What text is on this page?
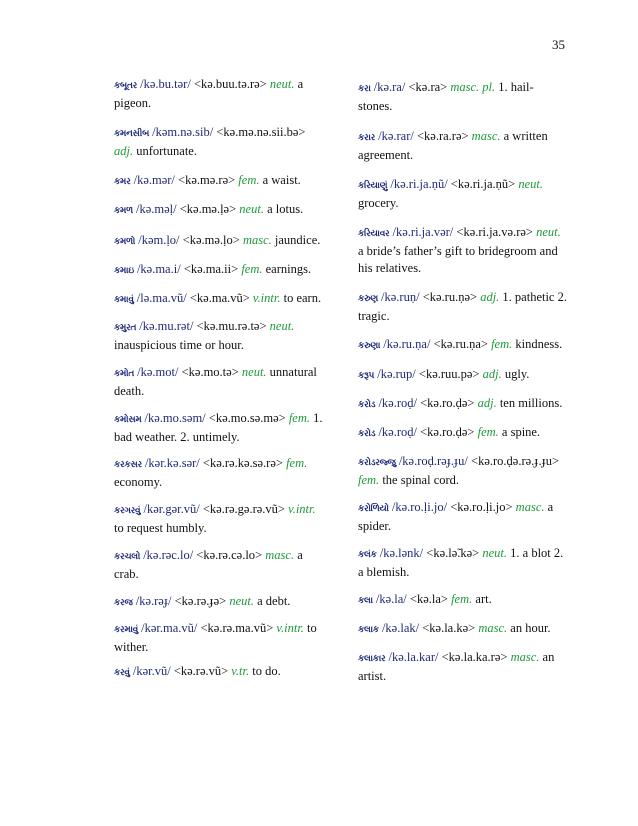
35
કબૂતર /kə.bu.tər/ <kə.buu.tə.rə> neut. a pigeon.
કમનસીબ /kəm.nə.sib/ <kə.mə.nə.sii.bə> adj. unfortunate.
કમર /kə.mər/ <kə.mə.rə> fem. a waist.
કમળ /kə.məḷ/ <kə.mə.ḷə> neut. a lotus.
કમળો /kəm.ḷo/ <kə.mə.ḷo> masc. jaundice.
કમાઇ /kə.ma.i/ <kə.ma.ii> fem. earnings.
કમાવું /lə.ma.vũ/ <kə.ma.vũ> v.intr. to earn.
કમુરત /kə.mu.rət/ <kə.mu.rə.tə> neut. inauspicious time or hour.
કમોત /kə.mot/ <kə.mo.tə> neut. unnatural death.
કમોસમ /kə.mo.səm/ <kə.mo.sə.mə> fem. 1. bad weather. 2. untimely.
કરકસર /kər.kə.sər/ <kə.rə.kə.sə.rə> fem. economy.
કરગરવું /kər.gər.vũ/ <kə.rə.gə.rə.vũ> v.intr. to request humbly.
કરચલો /kə.rəc.lo/ <kə.rə.cə.lo> masc. a crab.
કરજ /kə.rəɟ/ <kə.rə.ɟə> neut. a debt.
કરમાવું /kər.ma.vũ/ <kə.rə.ma.vũ> v.intr. to wither.
કરવું /kər.vũ/ <kə.rə.vũ> v.tr. to do.
કરા /kə.ra/ <kə.ra> masc. pl. 1. hail-stones.
કરાર /kə.rar/ <kə.ra.rə> masc. a written agreement.
કરિયાણું /kə.ri.ja.ṇũ/ <kə.ri.ja.ṇũ> neut. grocery.
કરિયાવર /kə.ri.ja.vər/ <kə.ri.ja.və.rə> neut. a bride’s father’s gift to bridegroom and his relatives.
કરુણ /kə.ruṇ/ <kə.ru.ṇə> adj. 1. pathetic 2. tragic.
કરુણા /kə.ru.ṇa/ <kə.ru.ṇa> fem. kindness.
કરૂપ /kə.rup/ <kə.ruu.pə> adj. ugly.
કરોડ /kə.roḍ/ <kə.ro.ḍə> adj. ten millions.
કરોડ /kə.roḍ/ <kə.ro.ḍə> fem. a spine.
કરોડરજ્જુ /kə.roḍ.rəɟ.ɟu/ <kə.ro.ḍə.rə.ɟ.ɟu> fem. the spinal cord.
કરોળિયો /kə.ro.ḷi.jo/ <kə.ro.ḷi.jo> masc. a spider.
કલંક /kə.lənk/ <kə.lə̃.kə> neut. 1. a blot 2. a blemish.
કલા /kə.la/ <kə.la> fem. art.
કલાક /kə.lak/ <kə.la.kə> masc. an hour.
કલાકાર /kə.la.kar/ <kə.la.ka.rə> masc. an artist.
